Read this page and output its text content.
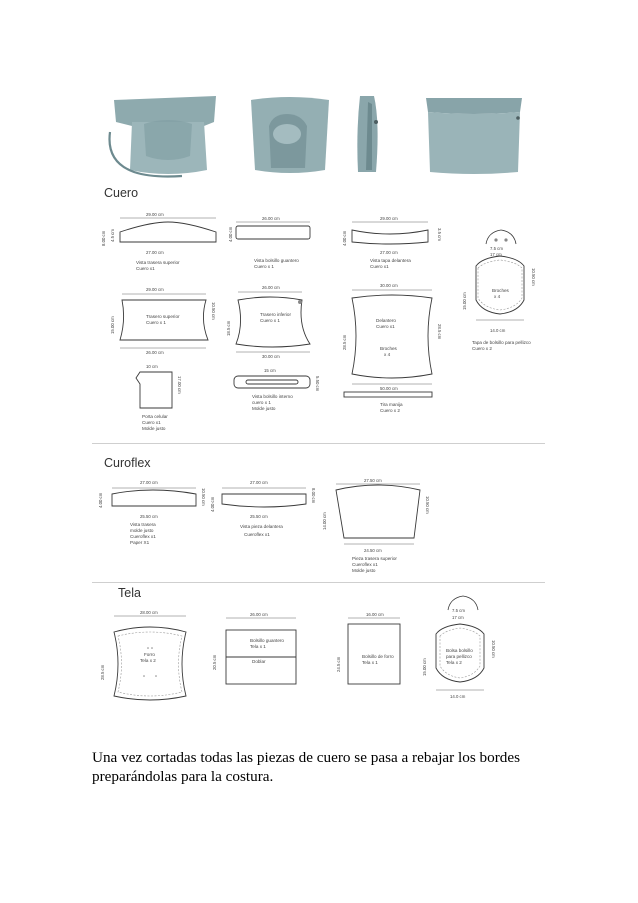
Cuero
Curoflex
Tela
29.00 cm
27.00 cm
8.00 cm 4.5 cm
Vista trasera superior
Cuero x1
26.00 cm
4.00 cm
Vista bolsillo guantero
Cuero x 1
29.00 cm
27.00 cm
4.00 cm	3.5 cm
Vista tapa delantera
Cuero x1
7.5 cm
17 cm
14.0 cm
15.00 cm
10.50 cm
Broches
x 4
Tapa de bolsillo para pellizco
Cuero x 2
29.00 cm
26.00 cm
15.00 cm
10.50 cm
Trasero superior
Cuero x 1
26.00 cm
30.00 cm
18.5 cm
Trasero inferior
Cuero x 1
30.00 cm
50.00 cm
28.5 cm
28.5 cm
Delantero
Cuero x1
Broches
x 4
10 cm
17.00 cm
Porta celular
Cuero x1
Molde justo
15 cm
5.50 cm
Vista bolsillo interno
cuero x 1
Molde justo
Tira manija
Cuero x 2
27.00 cm
25.50 cm
4.00 cm	10.50 cm
Vista trasera
molde justo
Cueroflex x1
Paper X1
27.00 cm
25.50 cm
4.00 cm
8.00 cm
Vista pieza delantera
Cueroflex x1
27.50 cm
24.50 cm
14.00 cm
10.50 cm
Pieza trasera superior
Cueroflex x1
Molde justo
28.00 cm
28.5 cm
Forro
Tela x 2
26.00 cm
20.5 cm
Bolsillo guantero
Tela x 1
Doblar
16.00 cm
24.5 cm
Bolsillo de forro
Tela x 1
7.5 cm
17 cm
14.0 cm
15.00 cm
10.50 cm
Bolsa bolsillo
para pellizco
Tela x 2

Una vez cortadas todas las piezas de cuero se pasa a rebajar los bordes preparándolas para la costura.
